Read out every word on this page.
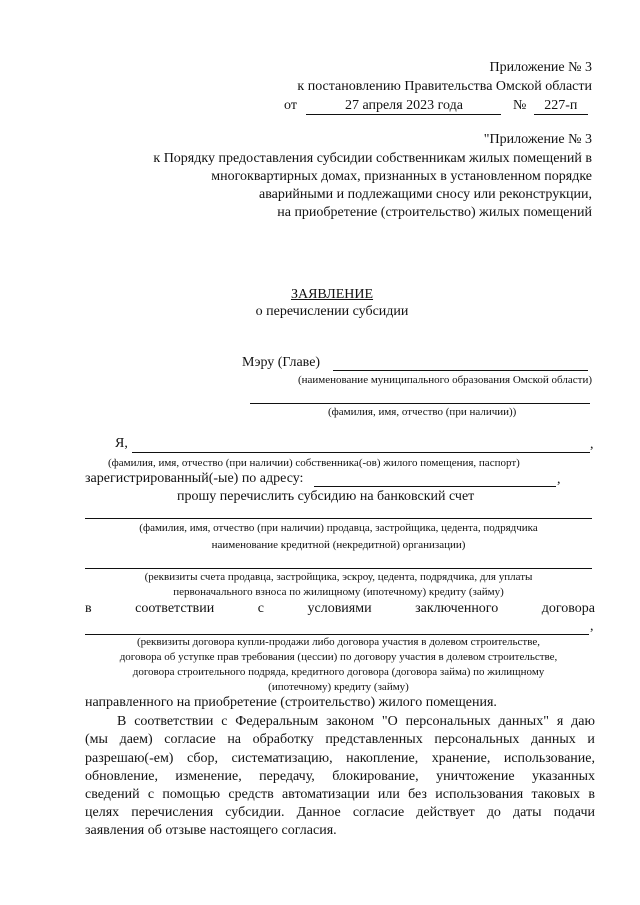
Приложение № 3
к постановлению Правительства Омской области
от	27 апреля 2023 года	№ 227-п
"Приложение № 3
к Порядку предоставления субсидии собственникам жилых помещений в
многоквартирных домах, признанных в установленном порядке
аварийными и подлежащими сносу или реконструкции,
на приобретение (строительство) жилых помещений
ЗАЯВЛЕНИЕ
о перечислении субсидии
Мэру (Главе)
(наименование муниципального образования Омской области)
(фамилия, имя, отчество (при наличии))
Я,	,
(фамилия, имя, отчество (при наличии) собственника(-ов) жилого помещения, паспорт)
зарегистрированный(-ые) по адресу:	,
прошу перечислить субсидию на банковский счет
(фамилия, имя, отчество (при наличии) продавца, застройщика, цедента, подрядчика
наименование кредитной (некредитной) организации)
(реквизиты счета продавца, застройщика, эскроу, цедента, подрядчика, для уплаты
первоначального взноса по жилищному (ипотечному) кредиту (займу)
в	соответствии	с	условиями	заключенного	договора
,
(реквизиты договора купли-продажи либо договора участия в долевом строительстве,
договора об уступке прав требования (цессии) по договору участия в долевом строительстве,
договора строительного подряда, кредитного договора (договора займа) по жилищному
(ипотечному) кредиту (займу)
направленного на приобретение (строительство) жилого помещения.
В соответствии с Федеральным законом "О персональных данных" я даю
(мы даем) согласие на обработку представленных персональных данных и
разрешаю(-ем) сбор, систематизацию, накопление, хранение, использование,
обновление, изменение, передачу, блокирование, уничтожение указанных
сведений с помощью средств автоматизации или без использования таковых в
целях перечисления субсидии. Данное согласие действует до даты подачи
заявления об отзыве настоящего согласия.
